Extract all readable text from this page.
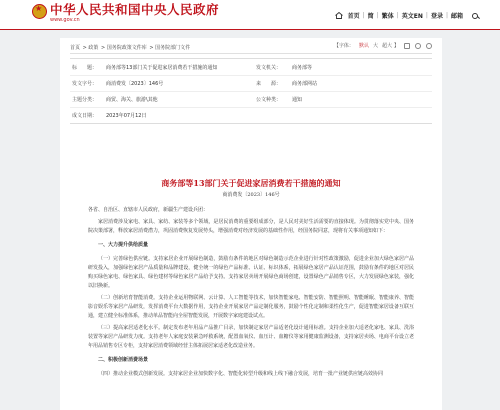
★
中华人民共和国中央人民政府
www.gov.cn	首页 | 简 | 繁体 | 英文EN | 登录 | 邮箱
首页 > 政策 > 国务院政策文件库 > 国务院部门文件	【字体： 默认 大 超大 】
标　　题：	商务部等13部门关于促进家居消费若干措施的通知	发文机关：	商务部等
发文字号：	商消费发〔2023〕146号	来　　源：	商务部网站
主题分类：	商贸、海关、旅游\其他	公文种类：	通知
成文日期：	2023年07月12日
商务部等13部门关于促进家居消费若干措施的通知
商消费发〔2023〕146号

各省、自治区、直辖市人民政府，新疆生产建设兵团：

家居消费涉及家电、家具、家纺、家装等多个领域，是居民消费的重要组成部分，是人民对美好生活需要的直接体现。为贯彻落实党中央、国务院决策部署，释放家居消费潜力，巩固消费恢复发展势头，增强消费对经济发展的基础性作用，经国务院同意，现将有关事项通知如下：

一、大力提升供给质量

（一）完善绿色供应链。支持家居企业开展绿色制造，鼓励有条件的地区对绿色制造示范企业进行针对性政策激励，促进企业加大绿色家居产品研发投入，加强绿色家居产品质量和品牌建设，健全统一的绿色产品标准、认证、标识体系，拓展绿色家居产品认证范围，鼓励有条件的地区对居民购买绿色家电、绿色家具、绿色建材等绿色家居产品给予支持。支持家居卖场开展绿色商场创建，设置绿色产品销售专区，大力发展绿色家装，强化以旧换新。

（二）创新培育智能消费。支持企业运用物联网、云计算、人工智能等技术，加快智能家电、智能安防、智能照明、智能睡眠、智能康养、智能影音娱乐等家居产品研发，发挥消费平台大数据作用，支持企业开展家居产品定制化服务，鼓励个性化定制和柔性化生产，促进智能家居设备互联互通，建立健全标准体系，推动单品智能向全屋智能发展，开展数字家庭建设试点。

（三）提高家居适老化水平。制定发布老年用品产品推广目录，加快制定家居产品适老化设计通用标准。支持企业加大适老化家电、家具、洗浴装置等家居产品研发力度。支持老年人家庭安装紧急呼救系统，配置血氧仪、血压计、血糖仪等家用健康监测设备，支持家居卖场、电商平台设立老年用品销售专区专柜，支持家居消费领域经营主体拓展居家适老化改造业务。

二、积极创新消费场景

（四）推动企业模式创新发展。支持家居企业加快数字化、智能化转型升级和线上线下融合发展，培育一批产业链供应链高效协同
